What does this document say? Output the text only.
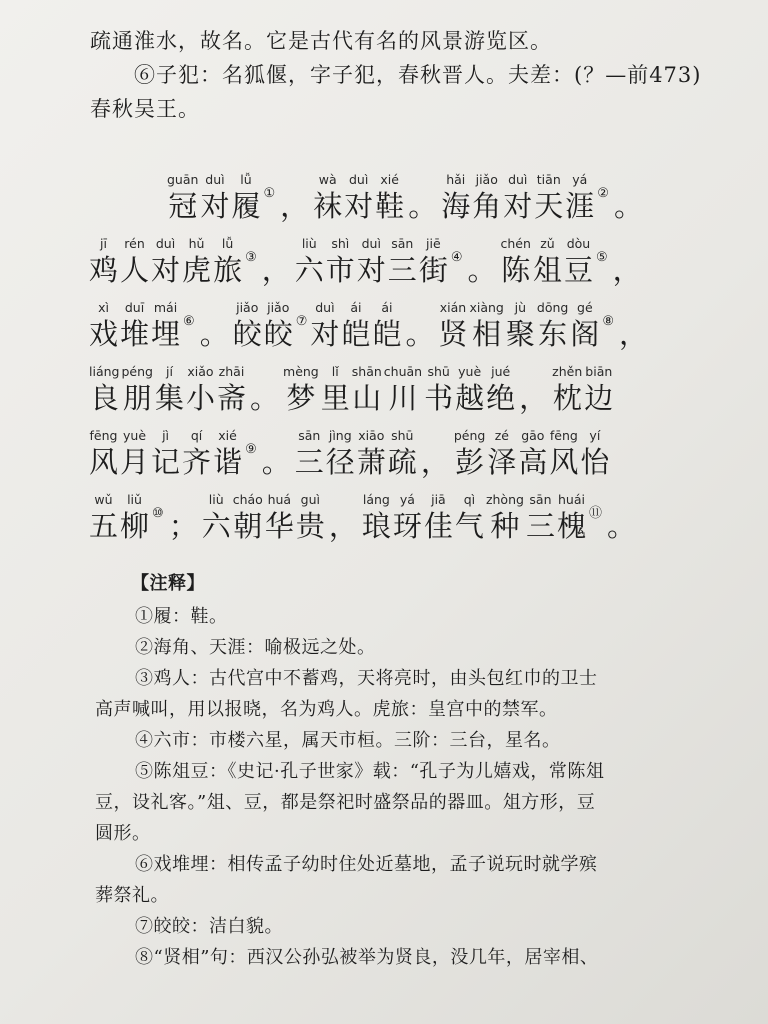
疏通淮水，故名。它是古代有名的风景游览区。
⑥子犯：名狐偃，字子犯，春秋晋人。夫差：(？—前473)
春秋吴王。
guān
冠
duì
对
lǚ
履 ① ，
wà
袜
duì
对
xié
鞋 。
hǎi
海
jiǎo
角
duì
对
tiān
天
yá
涯 ② 。
jī
鸡
rén
人
duì
对
hǔ
虎
lǚ
旅 ③ ，
liù
六
shì
市
duì
对
sān
三
jiē
街 ④ 。
chén
陈
zǔ
俎
dòu
豆 ⑤ ，
xì
戏
duī
堆
mái
埋 ⑥ 。
jiǎo
皎
jiǎo
皎 ⑦
duì
对
ái
皑
ái
皑 。
xián
贤
xiàng
相
jù
聚
dōng
东
gé
阁 ⑧ ，
liáng
良
péng
朋
jí
集
xiǎo
小
zhāi
斋 。
mèng
梦
lǐ
里
shān
山
chuān
川
shū
书
yuè
越
jué
绝 ，
zhěn
枕
biān
边
fēng
风
yuè
月
jì
记
qí
齐
xié
谐 ⑨ 。
sān
三
jìng
径
xiāo
萧
shū
疏 ，
péng
彭
zé
泽
gāo
高
fēng
风
yí
怡
wǔ
五
liǔ
柳 ⑩ ；
liù
六
cháo
朝
huá
华
guì
贵 ，
láng
琅
yá
玡
jiā
佳
qì
气
zhòng
种
sān
三
huái
槐 ⑪ 。
【注释】
①履：鞋。
②海角、天涯：喻极远之处。
③鸡人：古代宫中不蓄鸡，天将亮时，由头包红巾的卫士
高声喊叫，用以报晓，名为鸡人。虎旅：皇宫中的禁军。
④六市：市楼六星，属天市桓。三阶：三台，星名。
⑤陈俎豆：《史记·孔子世家》载：“孔子为儿嬉戏，常陈俎
豆，设礼客。”俎、豆，都是祭祀时盛祭品的器皿。俎方形，豆
圆形。
⑥戏堆埋：相传孟子幼时住处近墓地，孟子说玩时就学殡
葬祭礼。
⑦皎皎：洁白貌。
⑧“贤相”句：西汉公孙弘被举为贤良，没几年，居宰相、
